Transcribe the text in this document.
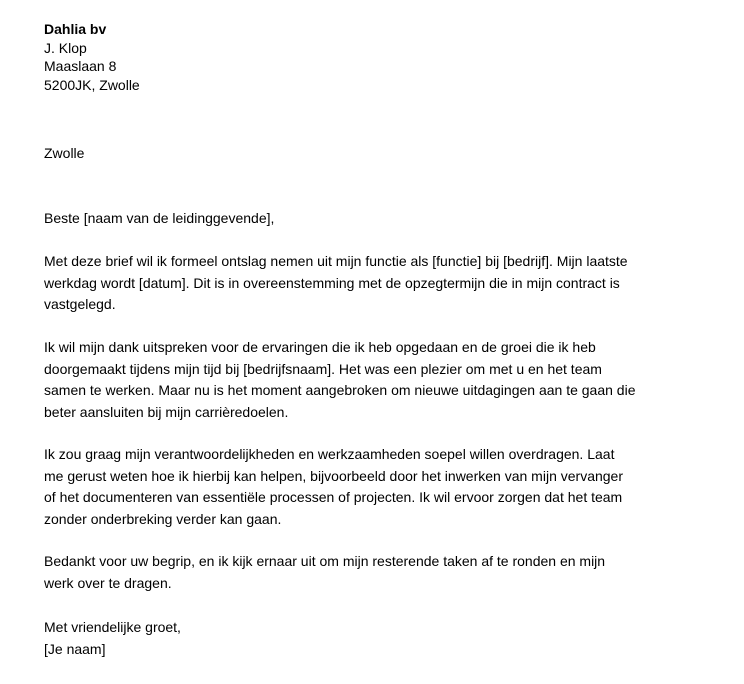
Dahlia bv

J. Klop

Maaslaan 8

5200JK, Zwolle

Zwolle

Beste [naam van de leidinggevende],

Met deze brief wil ik formeel ontslag nemen uit mijn functie als [functie] bij [bedrijf]. Mijn laatste
werkdag wordt [datum]. Dit is in overeenstemming met de opzegtermijn die in mijn contract is
vastgelegd.

Ik wil mijn dank uitspreken voor de ervaringen die ik heb opgedaan en de groei die ik heb
doorgemaakt tijdens mijn tijd bij [bedrijfsnaam]. Het was een plezier om met u en het team
samen te werken. Maar nu is het moment aangebroken om nieuwe uitdagingen aan te gaan die
beter aansluiten bij mijn carrièredoelen.

Ik zou graag mijn verantwoordelijkheden en werkzaamheden soepel willen overdragen. Laat
me gerust weten hoe ik hierbij kan helpen, bijvoorbeeld door het inwerken van mijn vervanger
of het documenteren van essentiële processen of projecten. Ik wil ervoor zorgen dat het team
zonder onderbreking verder kan gaan.

Bedankt voor uw begrip, en ik kijk ernaar uit om mijn resterende taken af te ronden en mijn
werk over te dragen.

Met vriendelijke groet,

[Je naam]
